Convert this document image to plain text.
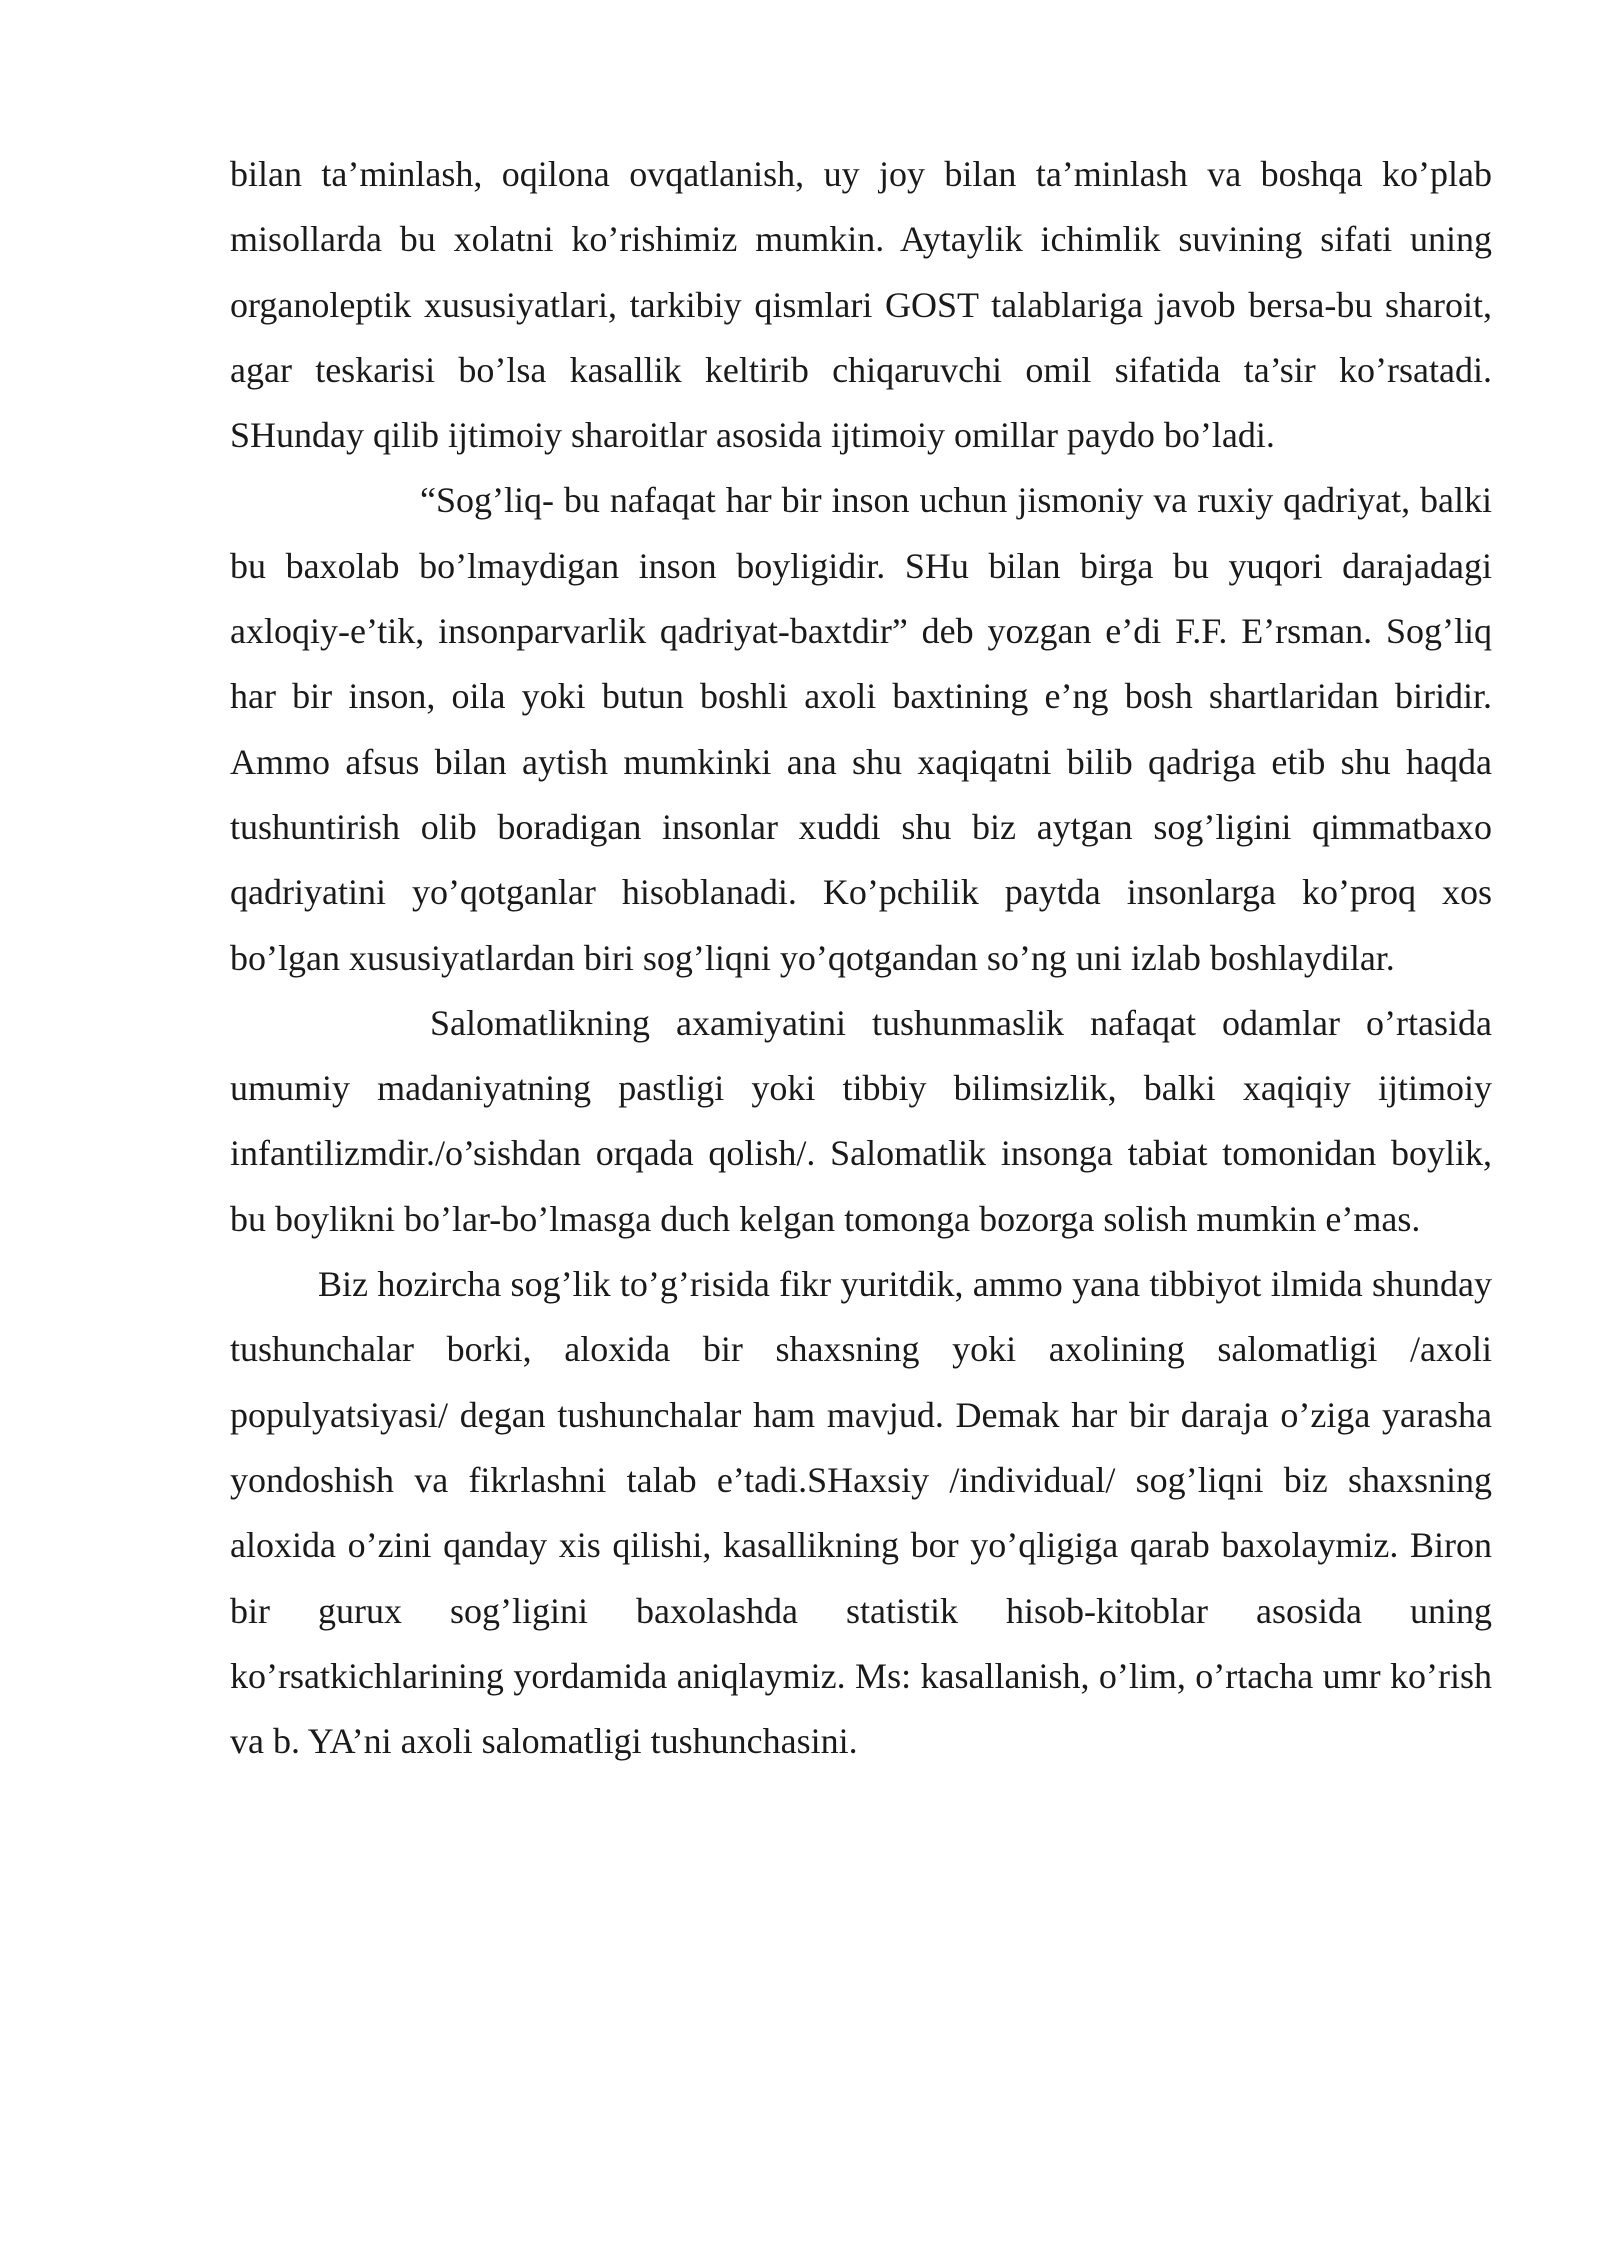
bilan ta’minlash, oqilona ovqatlanish, uy joy bilan ta’minlash va boshqa ko’plab misollarda bu xolatni ko’rishimiz mumkin. Aytaylik ichimlik suvining sifati uning organoleptik xususiyatlari, tarkibiy qismlari GOST talablariga javob bersa-bu sharoit, agar teskarisi bo’lsa kasallik keltirib chiqaruvchi omil sifatida ta’sir ko’rsatadi. SHunday qilib ijtimoiy sharoitlar asosida ijtimoiy omillar paydo bo’ladi.

“Sog’liq- bu nafaqat har bir inson uchun jismoniy va ruxiy qadriyat, balki bu baxolab bo’lmaydigan inson boyligidir. SHu bilan birga bu yuqori darajadagi axloqiy-e’tik, insonparvarlik qadriyat-baxtdir” deb yozgan e’di F.F. E’rsman. Sog’liq har bir inson, oila yoki butun boshli axoli baxtining e’ng bosh shartlaridan biridir. Ammo afsus bilan aytish mumkinki ana shu xaqiqatni bilib qadriga etib shu haqda tushuntirish olib boradigan insonlar xuddi shu biz aytgan sog’ligini qimmatbaxo qadriyatini yo’qotganlar hisoblanadi. Ko’pchilik paytda insonlarga ko’proq xos bo’lgan xususiyatlardan biri sog’liqni yo’qotgandan so’ng uni izlab boshlaydilar.

Salomatlikning axamiyatini tushunmaslik nafaqat odamlar o’rtasida umumiy madaniyatning pastligi yoki tibbiy bilimsizlik, balki xaqiqiy ijtimoiy infantilizmdir./o’sishdan orqada qolish/. Salomatlik insonga tabiat tomonidan boylik, bu boylikni bo’lar-bo’lmasga duch kelgan tomonga bozorga solish mumkin e’mas.

Biz hozircha sog’lik to’g’risida fikr yuritdik, ammo yana tibbiyot ilmida shunday tushunchalar borki, aloxida bir shaxsning yoki axolining salomatligi /axoli populyatsiyasi/ degan tushunchalar ham mavjud. Demak har bir daraja o’ziga yarasha yondoshish va fikrlashni talab e’tadi.SHaxsiy /individual/ sog’liqni biz shaxsning aloxida o’zini qanday xis qilishi, kasallikning bor yo’qligiga qarab baxolaymiz. Biron bir gurux sog’ligini baxolashda statistik hisob-kitoblar asosida uning ko’rsatkichlarining yordamida aniqlaymiz. Ms: kasallanish, o’lim, o’rtacha umr ko’rish va b. YA’ni axoli salomatligi tushunchasini.
